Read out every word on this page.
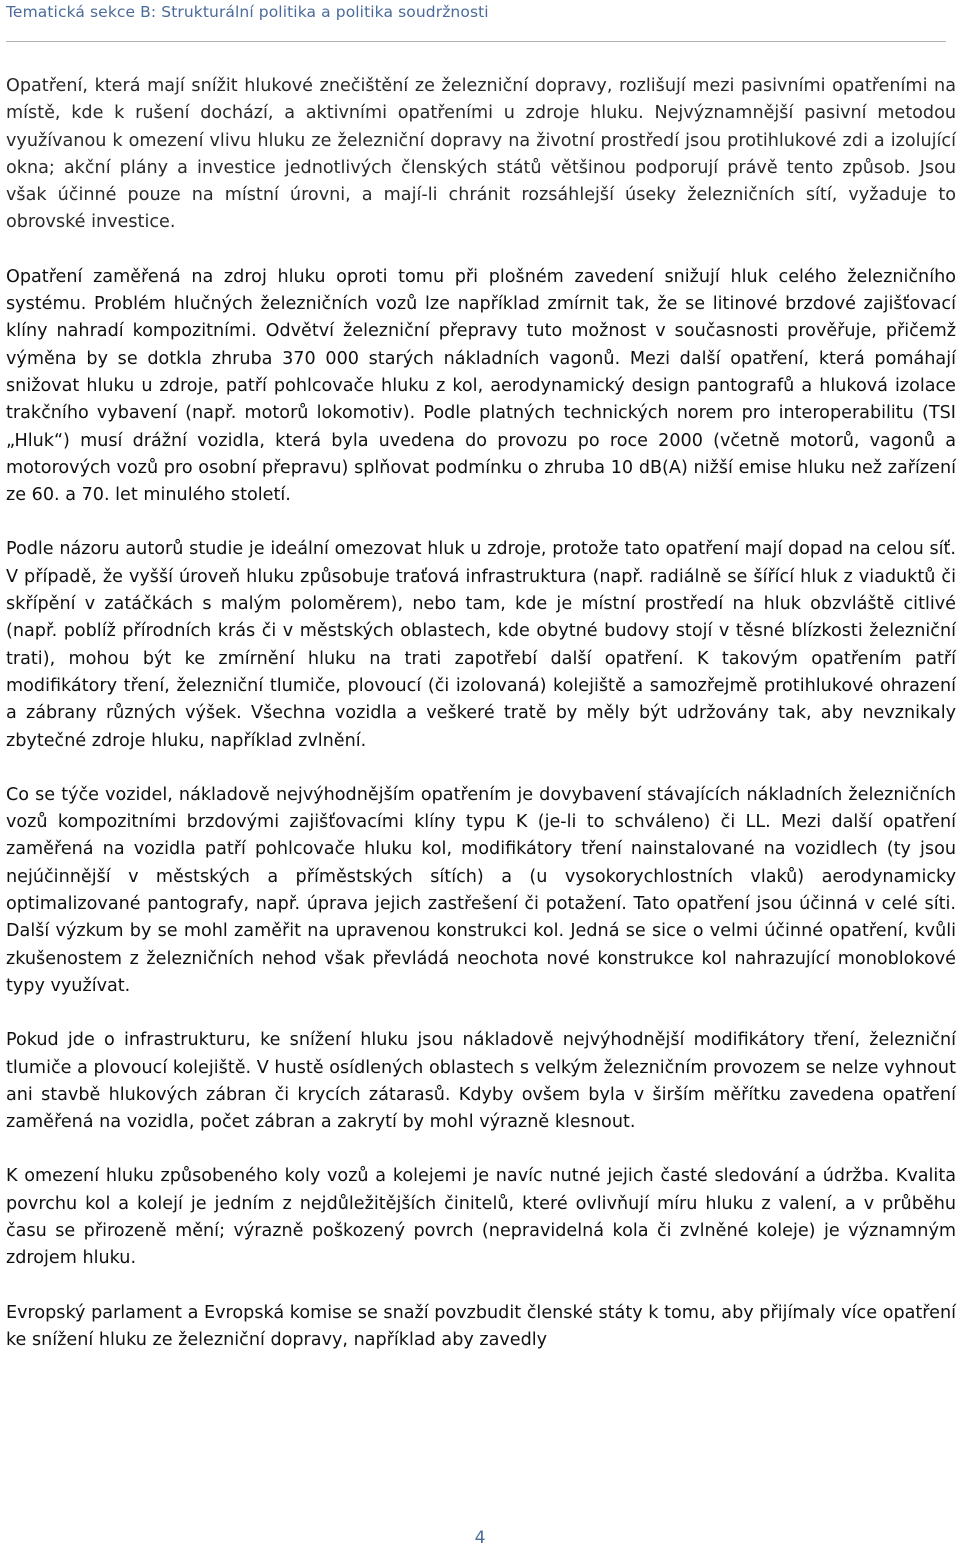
Tematická sekce B: Strukturální politika a politika soudržnosti

Opatření, která mají snížit hlukové znečištění ze železniční dopravy, rozlišují mezi pasivními opatřeními na místě, kde k rušení dochází, a aktivními opatřeními u zdroje hluku. Nejvýznamnější pasivní metodou využívanou k omezení vlivu hluku ze železniční dopravy na životní prostředí jsou protihlukové zdi a izolující okna; akční plány a investice jednotlivých členských států většinou podporují právě tento způsob. Jsou však účinné pouze na místní úrovni, a mají-li chránit rozsáhlejší úseky železničních sítí, vyžaduje to obrovské investice.

Opatření zaměřená na zdroj hluku oproti tomu při plošném zavedení snižují hluk celého železničního systému. Problém hlučných železničních vozů lze například zmírnit tak, že se litinové brzdové zajišťovací klíny nahradí kompozitními. Odvětví železniční přepravy tuto možnost v současnosti prověřuje, přičemž výměna by se dotkla zhruba 370 000 starých nákladních vagonů. Mezi další opatření, která pomáhají snižovat hluku u zdroje, patří pohlcovače hluku z kol, aerodynamický design pantografů a hluková izolace trakčního vybavení (např. motorů lokomotiv). Podle platných technických norem pro interoperabilitu (TSI „Hluk“) musí drážní vozidla, která byla uvedena do provozu po roce 2000 (včetně motorů, vagonů a motorových vozů pro osobní přepravu) splňovat podmínku o zhruba 10 dB(A) nižší emise hluku než zařízení ze 60. a 70. let minulého století.

Podle názoru autorů studie je ideální omezovat hluk u zdroje, protože tato opatření mají dopad na celou síť. V případě, že vyšší úroveň hluku způsobuje traťová infrastruktura (např. radiálně se šířící hluk z viaduktů či skřípění v zatáčkách s malým poloměrem), nebo tam, kde je místní prostředí na hluk obzvláště citlivé (např. poblíž přírodních krás či v městských oblastech, kde obytné budovy stojí v těsné blízkosti železniční trati), mohou být ke zmírnění hluku na trati zapotřebí další opatření. K takovým opatřením patří modifikátory tření, železniční tlumiče, plovoucí (či izolovaná) kolejiště a samozřejmě protihlukové ohrazení a zábrany různých výšek. Všechna vozidla a veškeré tratě by měly být udržovány tak, aby nevznikaly zbytečné zdroje hluku, například zvlnění.

Co se týče vozidel, nákladově nejvýhodnějším opatřením je dovybavení stávajících nákladních železničních vozů kompozitními brzdovými zajišťovacími klíny typu K (je-li to schváleno) či LL. Mezi další opatření zaměřená na vozidla patří pohlcovače hluku kol, modifikátory tření nainstalované na vozidlech (ty jsou nejúčinnější v městských a příměstských sítích) a (u vysokorychlostních vlaků) aerodynamicky optimalizované pantografy, např. úprava jejich zastřešení či potažení. Tato opatření jsou účinná v celé síti. Další výzkum by se mohl zaměřit na upravenou konstrukci kol. Jedná se sice o velmi účinné opatření, kvůli zkušenostem z železničních nehod však převládá neochota nové konstrukce kol nahrazující monoblokové typy využívat.

Pokud jde o infrastrukturu, ke snížení hluku jsou nákladově nejvýhodnější modifikátory tření, železniční tlumiče a plovoucí kolejiště. V hustě osídlených oblastech s velkým železničním provozem se nelze vyhnout ani stavbě hlukových zábran či krycích zátarasů. Kdyby ovšem byla v širším měřítku zavedena opatření zaměřená na vozidla, počet zábran a zakrytí by mohl výrazně klesnout.

K omezení hluku způsobeného koly vozů a kolejemi je navíc nutné jejich časté sledování a údržba. Kvalita povrchu kol a kolejí je jedním z nejdůležitějších činitelů, které ovlivňují míru hluku z valení, a v průběhu času se přirozeně mění; výrazně poškozený povrch (nepravidelná kola či zvlněné koleje) je významným zdrojem hluku.

Evropský parlament a Evropská komise se snaží povzbudit členské státy k tomu, aby přijímaly více opatření ke snížení hluku ze železniční dopravy, například aby zavedly

4
